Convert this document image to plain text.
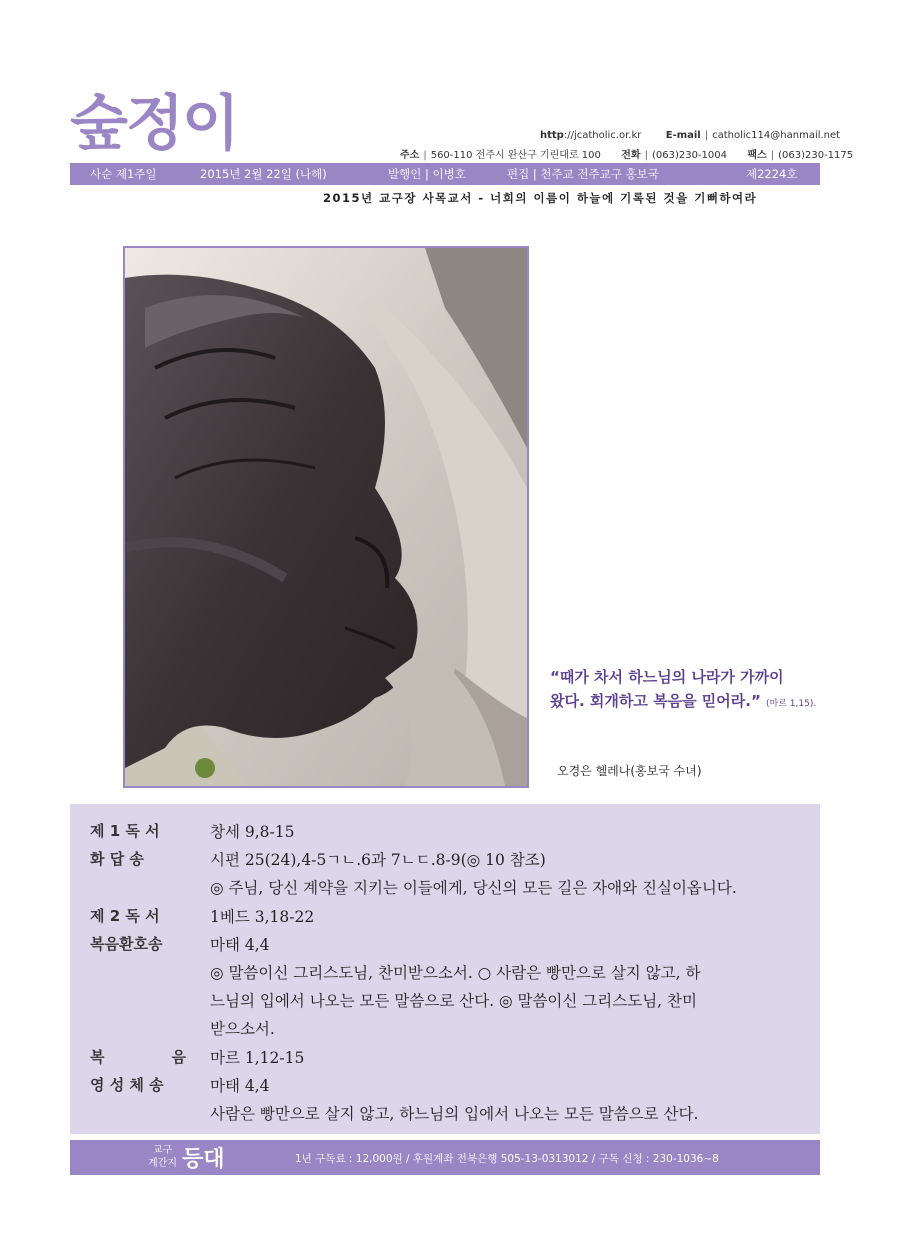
숲정이	http://jcatholic.or.kr E-mail | catholic114@hanmail.net
주소 | 560-110 전주시 완산구 기린대로 100 전화 | (063)230-1004 팩스 | (063)230-1175
사순 제1주일	2015년 2월 22일 (나해)	발행인 | 이병호	편집 | 천주교 전주교구 홍보국	제2224호
2015년 교구장 사목교서 - 너희의 이름이 하늘에 기록된 것을 기뻐하여라
“때가 차서 하느님의 나라가 가까이
왔다. 회개하고 복음을 믿어라.” (마르 1,15).
오경은 헬레나(홍보국 수녀)
제 1 독 서	창세 9,8-15
화 답 송	시편 25(24),4-5ㄱㄴ.6과 7ㄴㄷ.8-9(◎ 10 참조)
◎ 주님, 당신 계약을 지키는 이들에게, 당신의 모든 길은 자애와 진실이옵니다.
제 2 독 서	1베드 3,18-22
복음환호송	마태 4,4
◎ 말씀이신 그리스도님, 찬미받으소서. ○ 사람은 빵만으로 살지 않고, 하
느님의 입에서 나오는 모든 말씀으로 산다. ◎ 말씀이신 그리스도님, 찬미
받으소서.
복	음 마르 1,12-15
영 성 체 송	마태 4,4
사람은 빵만으로 살지 않고, 하느님의 입에서 나오는 모든 말씀으로 산다.
교구
계간지 등대	1년 구독료 : 12,000원 / 후원계좌 전북은행 505-13-0313012 / 구독 신청 : 230-1036~8
